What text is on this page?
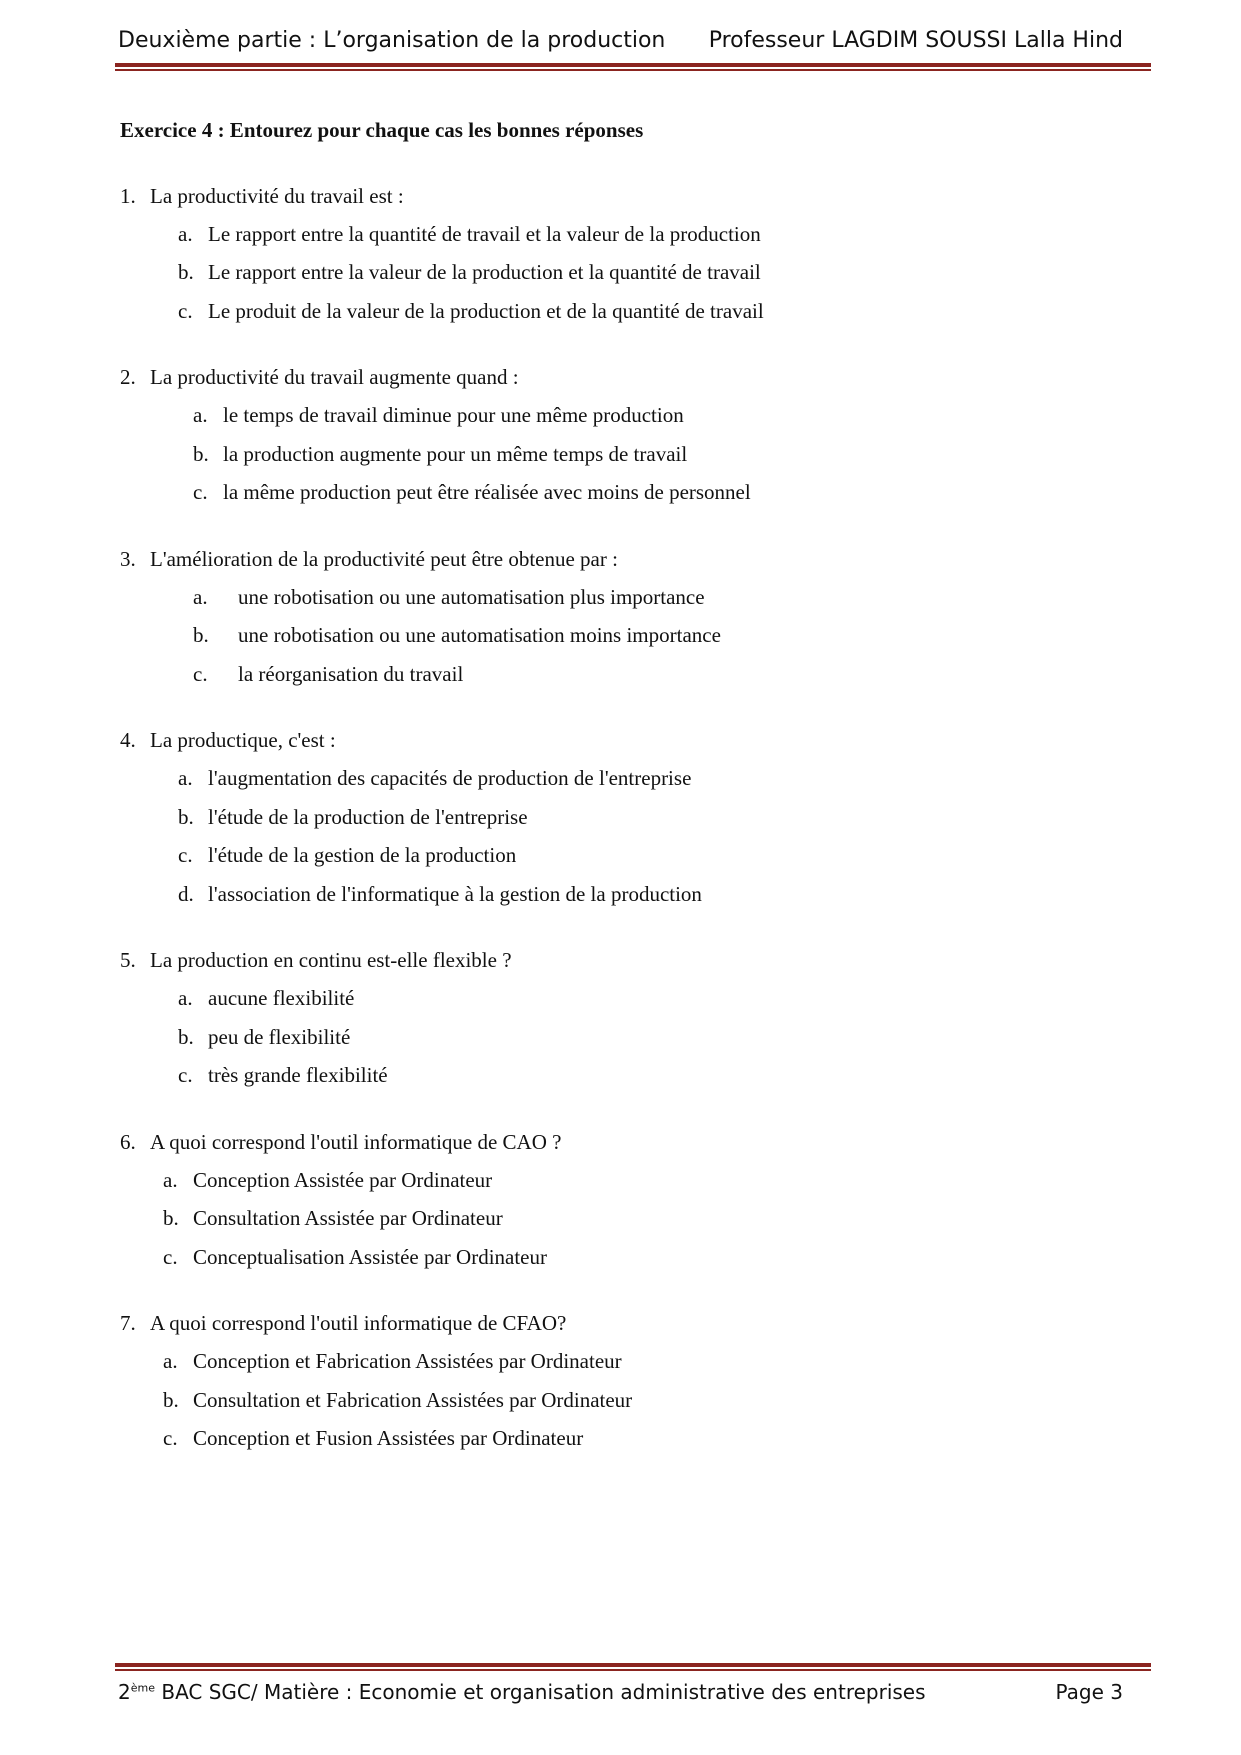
Deuxième partie : L’organisation de la production Professeur LAGDIM SOUSSI Lalla Hind
Exercice 4 : Entourez pour chaque cas les bonnes réponses
1. La productivité du travail est :
a. Le rapport entre la quantité de travail et la valeur de la production
b. Le rapport entre la valeur de la production et la quantité de travail
c. Le produit de la valeur de la production et de la quantité de travail
2. La productivité du travail augmente quand :
a. le temps de travail diminue pour une même production
b. la production augmente pour un même temps de travail
c. la même production peut être réalisée avec moins de personnel
3. L'amélioration de la productivité peut être obtenue par :
a.	une robotisation ou une automatisation plus importance
b.	une robotisation ou une automatisation moins importance
c.	la réorganisation du travail
4. La productique, c'est :
a. l'augmentation des capacités de production de l'entreprise
b. l'étude de la production de l'entreprise
c. l'étude de la gestion de la production
d. l'association de l'informatique à la gestion de la production
5. La production en continu est-elle flexible ?
a. aucune flexibilité
b. peu de flexibilité
c. très grande flexibilité
6. A quoi correspond l'outil informatique de CAO ?
a. Conception Assistée par Ordinateur
b. Consultation Assistée par Ordinateur
c. Conceptualisation Assistée par Ordinateur
7. A quoi correspond l'outil informatique de CFAO?
a. Conception et Fabrication Assistées par Ordinateur
b. Consultation et Fabrication Assistées par Ordinateur
c. Conception et Fusion Assistées par Ordinateur
2ème BAC SGC/ Matière : Economie et organisation administrative des entreprises	Page 3
